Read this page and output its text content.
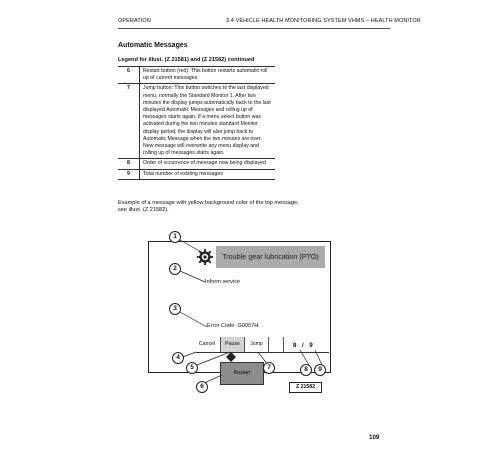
OPERATION	3.4 VEHICLE HEALTH MONITORING SYSTEM VHMS – HEALTH MONITOR
Automatic Messages
Legend for illust. (Z 21581) and (Z 21582) continued
6	Restart button (red): This button restarts automatic roll up of current messages.
7	Jump button: This button switches to the last displayed menu, normally the Standard Monitor 1. After two minutes the display jumps automatically back to the last displayed Automatic Messages and rolling up of messages starts again. If a menu select button was activated during the two minutes standard Monitor display period, the display will also jump back to Automatic Message when the two minutes are over. New message will overwrite any menu display and rolling up of messages starts again.
8	Order of occurrence of message now being displayed
9	Total number of existing messages
Example of a message with yellow background color of the top message, see illust. (Z 21582).
Trouble gear lubrication (PTO)
Inform service
Error Code: G0007H
Cancel	Pause	Jump	8 / 9
Restart
1
2
3
4
5
6
7	8	9
Z 21582
109
